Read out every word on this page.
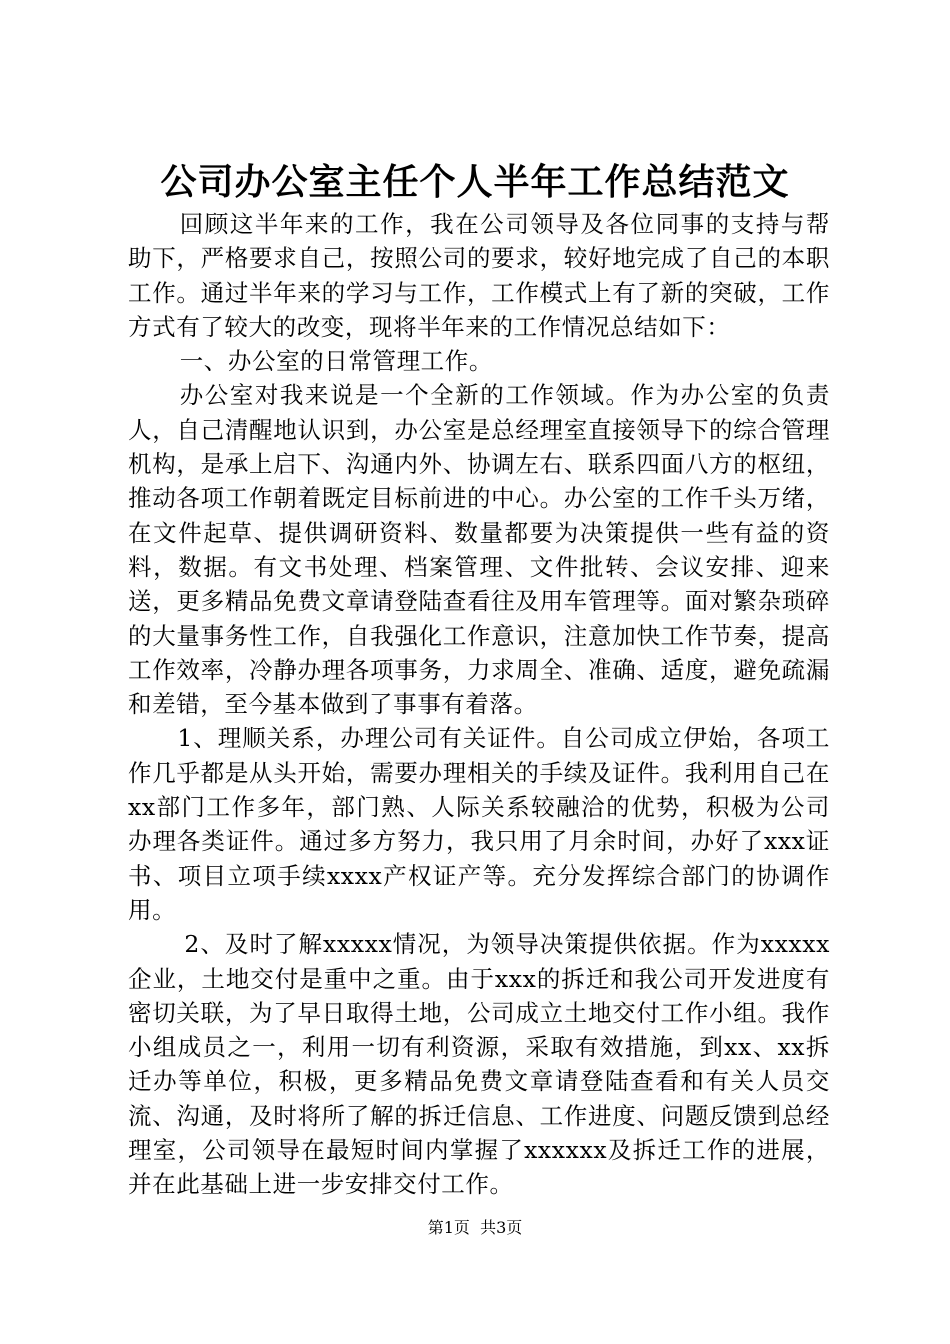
公司办公室主任个人半年工作总结范文

回顾这半年来的工作，我在公司领导及各位同事的支持与帮助下，严格要求自己，按照公司的要求，较好地完成了自己的本职工作。通过半年来的学习与工作，工作模式上有了新的突破，工作方式有了较大的改变，现将半年来的工作情况总结如下：

一、办公室的日常管理工作。

办公室对我来说是一个全新的工作领域。作为办公室的负责人，自己清醒地认识到，办公室是总经理室直接领导下的综合管理机构，是承上启下、沟通内外、协调左右、联系四面八方的枢纽，推动各项工作朝着既定目标前进的中心。办公室的工作千头万绪，在文件起草、提供调研资料、数量都要为决策提供一些有益的资料，数据。有文书处理、档案管理、文件批转、会议安排、迎来送，更多精品免费文章请登陆查看往及用车管理等。面对繁杂琐碎的大量事务性工作，自我强化工作意识，注意加快工作节奏，提高工作效率，冷静办理各项事务，力求周全、准确、适度，避免疏漏和差错，至今基本做到了事事有着落。

1、理顺关系，办理公司有关证件。自公司成立伊始，各项工作几乎都是从头开始，需要办理相关的手续及证件。我利用自己在xx部门工作多年，部门熟、人际关系较融洽的优势，积极为公司办理各类证件。通过多方努力，我只用了月余时间，办好了xxx证书、项目立项手续xxxx产权证产等。充分发挥综合部门的协调作用。

2、及时了解xxxxx情况，为领导决策提供依据。作为xxxxx企业，土地交付是重中之重。由于xxx的拆迁和我公司开发进度有密切关联，为了早日取得土地，公司成立土地交付工作小组。我作小组成员之一，利用一切有利资源，采取有效措施，到xx、xx拆迁办等单位，积极，更多精品免费文章请登陆查看和有关人员交流、沟通，及时将所了解的拆迁信息、工作进度、问题反馈到总经理室，公司领导在最短时间内掌握了xxxxxx及拆迁工作的进展，并在此基础上进一步安排交付工作。

第1页 共3页
